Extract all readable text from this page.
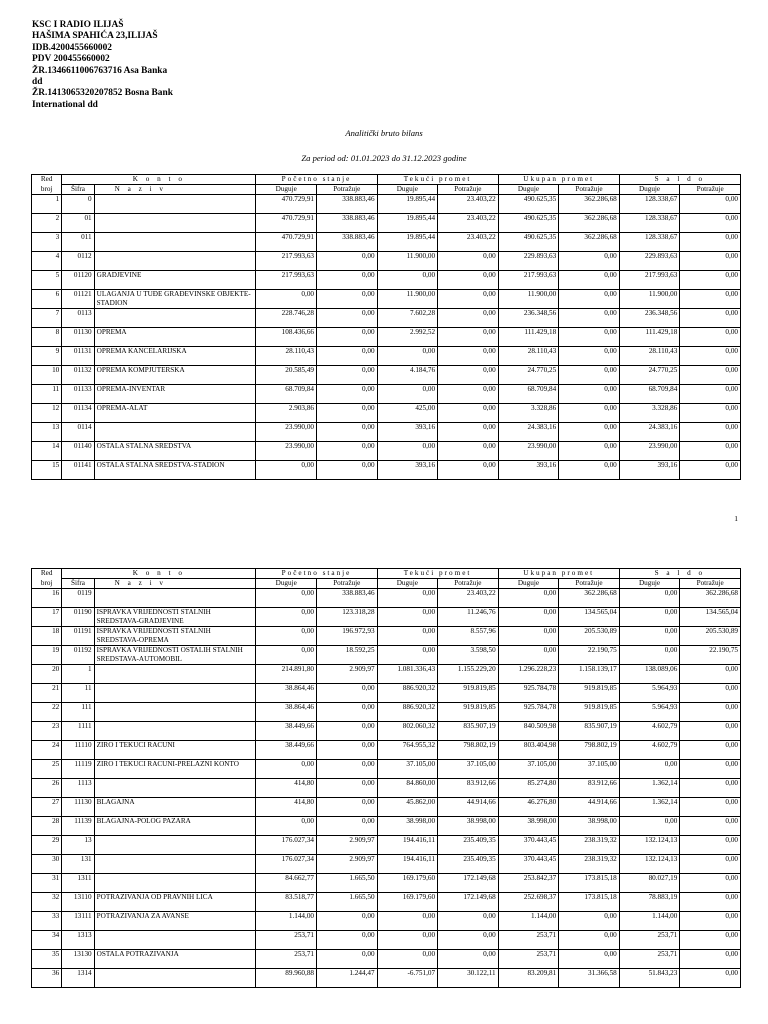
KSC I RADIO ILIJAŠ
HAŠIMA SPAHIĆA 23,ILIJAŠ
IDB.4200455660002
PDV 200455660002
ŽR.1346611006763716 Asa Banka
dd
ŽR.1413065320207852 Bosna Bank
International dd
Analitički bruto bilans
Za period od: 01.01.2023 do 31.12.2023 godine
Red	K o n t o		Početno stanje		Tekući promet		Ukupan promet		S a l d o	
broj	Šifra	N a z i v	Duguje	Potražuje	Duguje	Potražuje	Duguje	Potražuje	Duguje	Potražuje
1	0		470.729,91	338.883,46	19.895,44	23.403,22	490.625,35	362.286,68	128.338,67	0,00
2	01		470.729,91	338.883,46	19.895,44	23.403,22	490.625,35	362.286,68	128.338,67	0,00
3	011		470.729,91	338.883,46	19.895,44	23.403,22	490.625,35	362.286,68	128.338,67	0,00
4	0112		217.993,63	0,00	11.900,00	0,00	229.893,63	0,00	229.893,63	0,00
5	01120	GRADJEVINE	217.993,63	0,00	0,00	0,00	217.993,63	0,00	217.993,63	0,00
6	01121	ULAGANJA U TUĐE GRAĐEVINSKE OBJEKTE-STADION	0,00	0,00	11.900,00	0,00	11.900,00	0,00	11.900,00	0,00
7	0113		228.746,28	0,00	7.602,28	0,00	236.348,56	0,00	236.348,56	0,00
8	01130	OPREMA	108.436,66	0,00	2.992,52	0,00	111.429,18	0,00	111.429,18	0,00
9	01131	OPREMA KANCELARIJSKA	28.110,43	0,00	0,00	0,00	28.110,43	0,00	28.110,43	0,00
10	01132	OPREMA KOMPJUTERSKA	20.585,49	0,00	4.184,76	0,00	24.770,25	0,00	24.770,25	0,00
11	01133	OPREMA-INVENTAR	68.709,84	0,00	0,00	0,00	68.709,84	0,00	68.709,84	0,00
12	01134	OPREMA-ALAT	2.903,86	0,00	425,00	0,00	3.328,86	0,00	3.328,86	0,00
13	0114		23.990,00	0,00	393,16	0,00	24.383,16	0,00	24.383,16	0,00
14	01140	OSTALA STALNA SREDSTVA	23.990,00	0,00	0,00	0,00	23.990,00	0,00	23.990,00	0,00
15	01141	OSTALA STALNA SREDSTVA-STADION	0,00	0,00	393,16	0,00	393,16	0,00	393,16	0,00
1
Red	K o n t o		Početno stanje		Tekući promet		Ukupan promet		S a l d o	
broj	Šifra	N a z i v	Duguje	Potražuje	Duguje	Potražuje	Duguje	Potražuje	Duguje	Potražuje
16	0119		0,00	338.883,46	0,00	23.403,22	0,00	362.286,68	0,00	362.286,68
17	01190	ISPRAVKA VRIJEDNOSTI STALNIH SREDSTAVA-GRADJEVINE	0,00	123.318,28	0,00	11.246,76	0,00	134.565,04	0,00	134.565,04
18	01191	ISPRAVKA VRIJEDNOSTI STALNIH SREDSTAVA-OPREMA	0,00	196.972,93	0,00	8.557,96	0,00	205.530,89	0,00	205.530,89
19	01192	ISPRAVKA VRIJEDNOSTI OSTALIH STALNIH SREDSTAVA-AUTOMOBIL	0,00	18.592,25	0,00	3.598,50	0,00	22.190,75	0,00	22.190,75
20	1		214.891,80	2.909,97	1.081.336,43	1.155.229,20	1.296.228,23	1.158.139,17	138.089,06	0,00
21	11		38.864,46	0,00	886.920,32	919.819,85	925.784,78	919.819,85	5.964,93	0,00
22	111		38.864,46	0,00	886.920,32	919.819,85	925.784,78	919.819,85	5.964,93	0,00
23	1111		38.449,66	0,00	802.060,32	835.907,19	840.509,98	835.907,19	4.602,79	0,00
24	11110	ZIRO I TEKUCI RACUNI	38.449,66	0,00	764.955,32	798.802,19	803.404,98	798.802,19	4.602,79	0,00
25	11119	ZIRO I TEKUCI RACUNI-PRELAZNI KONTO	0,00	0,00	37.105,00	37.105,00	37.105,00	37.105,00	0,00	0,00
26	1113		414,80	0,00	84.860,00	83.912,66	85.274,80	83.912,66	1.362,14	0,00
27	11130	BLAGAJNA	414,80	0,00	45.862,00	44.914,66	46.276,80	44.914,66	1.362,14	0,00
28	11139	BLAGAJNA-POLOG PAZARA	0,00	0,00	38.998,00	38.998,00	38.998,00	38.998,00	0,00	0,00
29	13		176.027,34	2.909,97	194.416,11	235.409,35	370.443,45	238.319,32	132.124,13	0,00
30	131		176.027,34	2.909,97	194.416,11	235.409,35	370.443,45	238.319,32	132.124,13	0,00
31	1311		84.662,77	1.665,50	169.179,60	172.149,68	253.842,37	173.815,18	80.027,19	0,00
32	13110	POTRAZIVANJA OD PRAVNIH LICA	83.518,77	1.665,50	169.179,60	172.149,68	252.698,37	173.815,18	78.883,19	0,00
33	13111	POTRAZIVANJA ZA AVANSE	1.144,00	0,00	0,00	0,00	1.144,00	0,00	1.144,00	0,00
34	1313		253,71	0,00	0,00	0,00	253,71	0,00	253,71	0,00
35	13130	OSTALA POTRAZIVANJA	253,71	0,00	0,00	0,00	253,71	0,00	253,71	0,00
36	1314		89.960,88	1.244,47	-6.751,07	30.122,11	83.209,81	31.366,58	51.843,23	0,00
